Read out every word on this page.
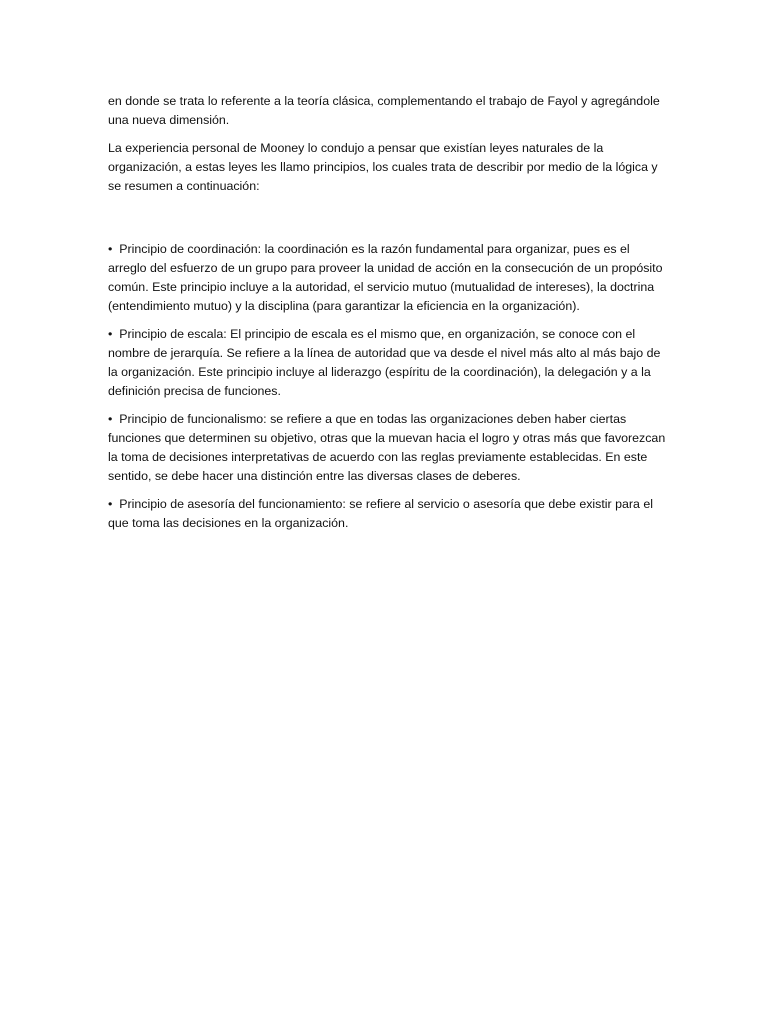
en donde se trata lo referente a la teoría clásica, complementando el trabajo de Fayol y agregándole una nueva dimensión.

La experiencia personal de Mooney lo condujo a pensar que existían leyes naturales de la organización, a estas leyes les llamo principios, los cuales trata de describir por medio de la lógica y se resumen a continuación:

• Principio de coordinación: la coordinación es la razón fundamental para organizar, pues es el arreglo del esfuerzo de un grupo para proveer la unidad de acción en la consecución de un propósito común. Este principio incluye a la autoridad, el servicio mutuo (mutualidad de intereses), la doctrina (entendimiento mutuo) y la disciplina (para garantizar la eficiencia en la organización).

• Principio de escala: El principio de escala es el mismo que, en organización, se conoce con el nombre de jerarquía. Se refiere a la línea de autoridad que va desde el nivel más alto al más bajo de la organización. Este principio incluye al liderazgo (espíritu de la coordinación), la delegación y a la definición precisa de funciones.

• Principio de funcionalismo: se refiere a que en todas las organizaciones deben haber ciertas funciones que determinen su objetivo, otras que la muevan hacia el logro y otras más que favorezcan la toma de decisiones interpretativas de acuerdo con las reglas previamente establecidas. En este sentido, se debe hacer una distinción entre las diversas clases de deberes.

• Principio de asesoría del funcionamiento: se refiere al servicio o asesoría que debe existir para el que toma las decisiones en la organización.
